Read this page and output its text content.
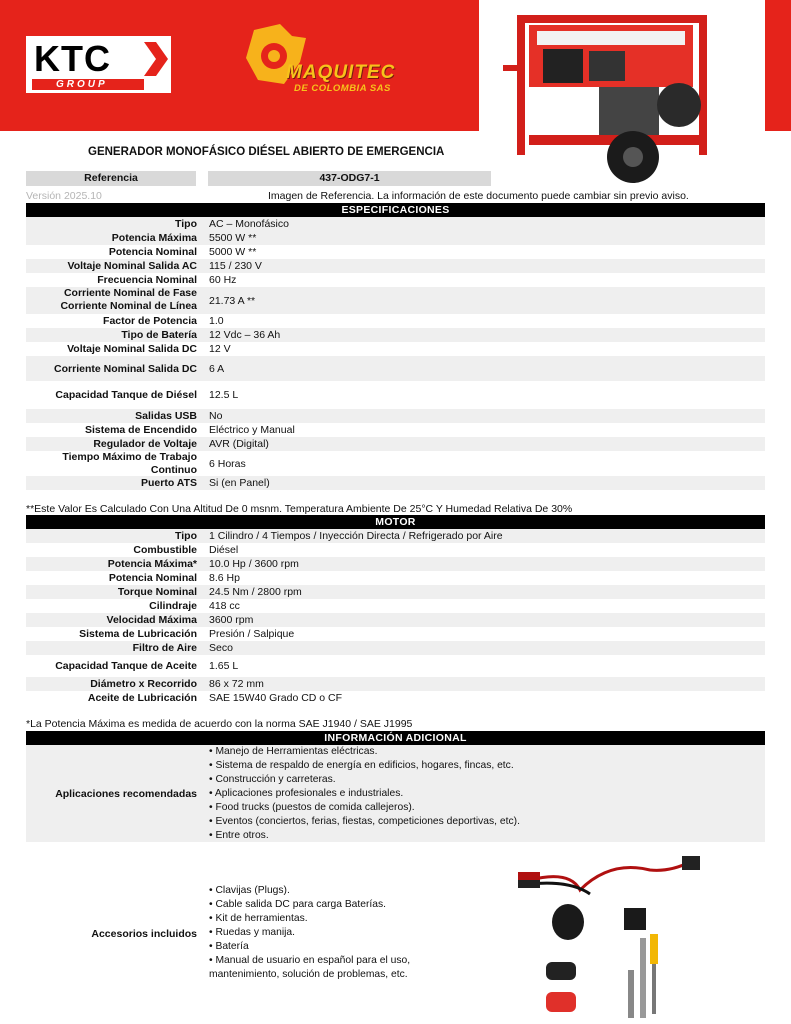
KTC
GROUP
MAQUITEC
DE COLOMBIA SAS
GENERADOR MONOFÁSICO DIÉSEL ABIERTO DE EMERGENCIA
Referencia	437-ODG7-1
Versión 2025.10	Imagen de Referencia. La información de este documento puede cambiar sin previo aviso.
ESPECIFICACIONES
Tipo AC – Monofásico
Potencia Máxima 5500 W **
Potencia Nominal 5000 W **
Voltaje Nominal Salida AC 115 / 230 V
Frecuencia Nominal 60 Hz
Corriente Nominal de Fase
Corriente Nominal de Línea 21.73 A **
Factor de Potencia 1.0
Tipo de Batería 12 Vdc – 36 Ah
Voltaje Nominal Salida DC 12 V
Corriente Nominal Salida DC 6 A
Capacidad Tanque de Diésel 12.5 L
Salidas USB No
Sistema de Encendido Eléctrico y Manual
Regulador de Voltaje AVR (Digital)
Tiempo Máximo de Trabajo
Continuo
6 Horas
Puerto ATS Si (en Panel)
**Este Valor Es Calculado Con Una Altitud De 0 msnm. Temperatura Ambiente De 25°C Y Humedad Relativa De 30%
MOTOR
Tipo 1 Cilindro / 4 Tiempos / Inyección Directa / Refrigerado por Aire
Combustible Diésel
Potencia Máxima* 10.0 Hp / 3600 rpm
Potencia Nominal 8.6 Hp
Torque Nominal 24.5 Nm / 2800 rpm
Cilindraje 418 cc
Velocidad Máxima 3600 rpm
Sistema de Lubricación Presión / Salpique
Filtro de Aire Seco
Capacidad Tanque de Aceite 1.65 L
Diámetro x Recorrido 86 x 72 mm
Aceite de Lubricación SAE 15W40 Grado CD o CF
*La Potencia Máxima es medida de acuerdo con la norma SAE J1940 / SAE J1995
INFORMACIÓN ADICIONAL
Aplicaciones recomendadas
• Manejo de Herramientas eléctricas.
• Sistema de respaldo de energía en edificios, hogares, fincas, etc.
• Construcción y carreteras.
• Aplicaciones profesionales e industriales.
• Food trucks (puestos de comida callejeros).
• Eventos (conciertos, ferias, fiestas, competiciones deportivas, etc).
• Entre otros.
Accesorios incluidos
• Clavijas (Plugs).
• Cable salida DC para carga Baterías.
• Kit de herramientas.
• Ruedas y manija.
• Batería
• Manual de usuario en español para el uso,
mantenimiento, solución de problemas, etc.
